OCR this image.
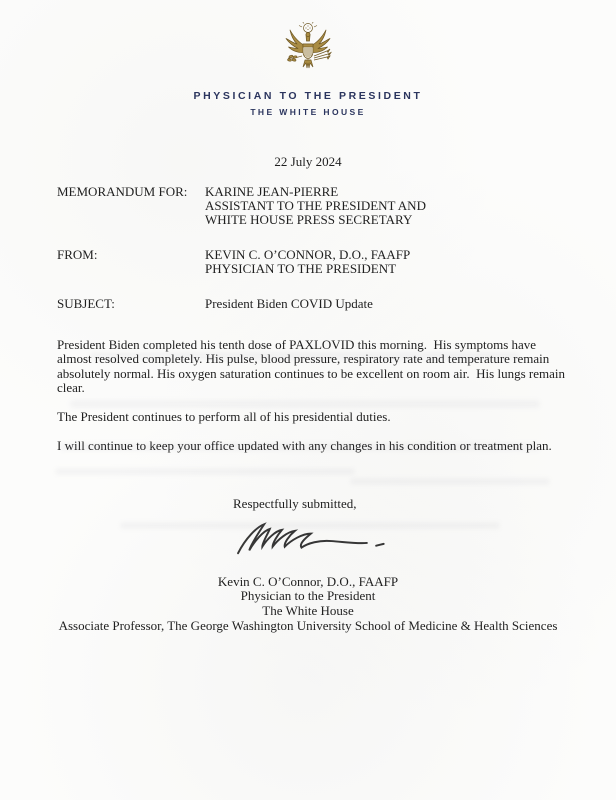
PHYSICIAN TO THE PRESIDENT
THE WHITE HOUSE
22 July 2024
MEMORANDUM FOR:	KARINE JEAN-PIERRE
ASSISTANT TO THE PRESIDENT AND
WHITE HOUSE PRESS SECRETARY
FROM:	KEVIN C. O’CONNOR, D.O., FAAFP
PHYSICIAN TO THE PRESIDENT
SUBJECT:	President Biden COVID Update

President Biden completed his tenth dose of PAXLOVID this morning.  His symptoms have almost resolved completely. His pulse, blood pressure, respiratory rate and temperature remain absolutely normal. His oxygen saturation continues to be excellent on room air.  His lungs remain clear.

The President continues to perform all of his presidential duties.

I will continue to keep your office updated with any changes in his condition or treatment plan.

Respectfully submitted,
Kevin C. O’Connor, D.O., FAAFP
Physician to the President
The White House
Associate Professor, The George Washington University School of Medicine & Health Sciences
